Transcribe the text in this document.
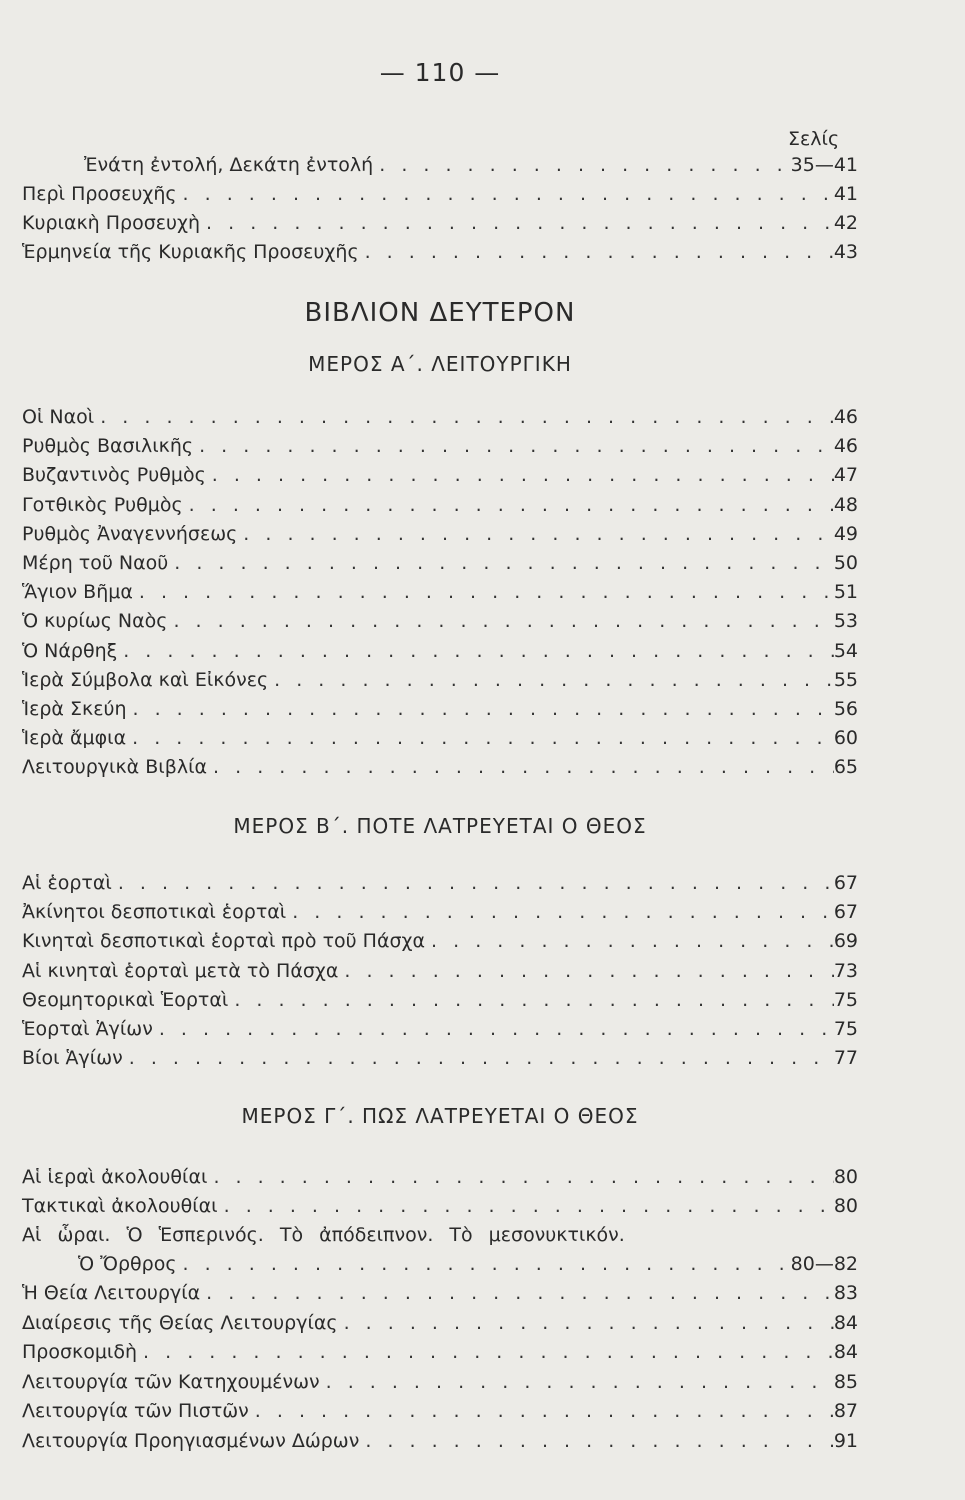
— 110 —
Σελίς
Ἐνάτη ἐντολή, Δεκάτη ἐντολή . . .	35—41
Περὶ Προσευχῆς . . .	41
Κυριακὴ Προσευχὴ . . .	42
Ἑρμηνεία τῆς Κυριακῆς Προσευχῆς . . .	43
ΒΙΒΛΙΟΝ ΔΕΥΤΕΡΟΝ
ΜΕΡΟΣ Α΄. ΛΕΙΤΟΥΡΓΙΚΗ
Οἱ Ναοὶ . . .	46
Ρυθμὸς Βασιλικῆς . . .	46
Βυζαντινὸς Ρυθμὸς . . .	47
Γοτθικὸς Ρυθμὸς . . .	48
Ρυθμὸς Ἀναγεννήσεως . . .	49
Μέρη τοῦ Ναοῦ . . .	50
Ἅγιον Βῆμα . . .	51
Ὁ κυρίως Ναὸς . . .	53
Ὁ Νάρθηξ . . .	54
Ἱερὰ Σύμβολα καὶ Εἰκόνες . . .	55
Ἱερὰ Σκεύη . . .	56
Ἱερὰ ἄμφια . . .	60
Λειτουργικὰ Βιβλία . . .	65
ΜΕΡΟΣ Β΄. ΠΟΤΕ ΛΑΤΡΕΥΕΤΑΙ Ο ΘΕΟΣ
Αἱ ἑορταὶ . . .	67
Ἀκίνητοι δεσποτικαὶ ἑορταὶ . . .	67
Κινηταὶ δεσποτικαὶ ἑορταὶ πρὸ τοῦ Πάσχα . . .	69
Αἱ κινηταὶ ἑορταὶ μετὰ τὸ Πάσχα . . .	73
Θεομητορικαὶ Ἑορταὶ . . .	75
Ἑορταὶ Ἁγίων . . .	75
Βίοι Ἁγίων . . .	77
ΜΕΡΟΣ Γ΄. ΠΩΣ ΛΑΤΡΕΥΕΤΑΙ Ο ΘΕΟΣ
Αἱ ἱεραὶ ἀκολουθίαι . . .	80
Τακτικαὶ ἀκολουθίαι . . .	80
Αἱ ὧραι. Ὁ Ἑσπερινός. Τὸ ἀπόδειπνον. Τὸ μεσονυκτικόν.
Ὁ Ὄρθρος . . .	80—82
Ἡ Θεία Λειτουργία . . .	83
Διαίρεσις τῆς Θείας Λειτουργίας . . .	84
Προσκομιδὴ . . .	84
Λειτουργία τῶν Κατηχουμένων . . .	85
Λειτουργία τῶν Πιστῶν . . .	87
Λειτουργία Προηγιασμένων Δώρων . . .	91
